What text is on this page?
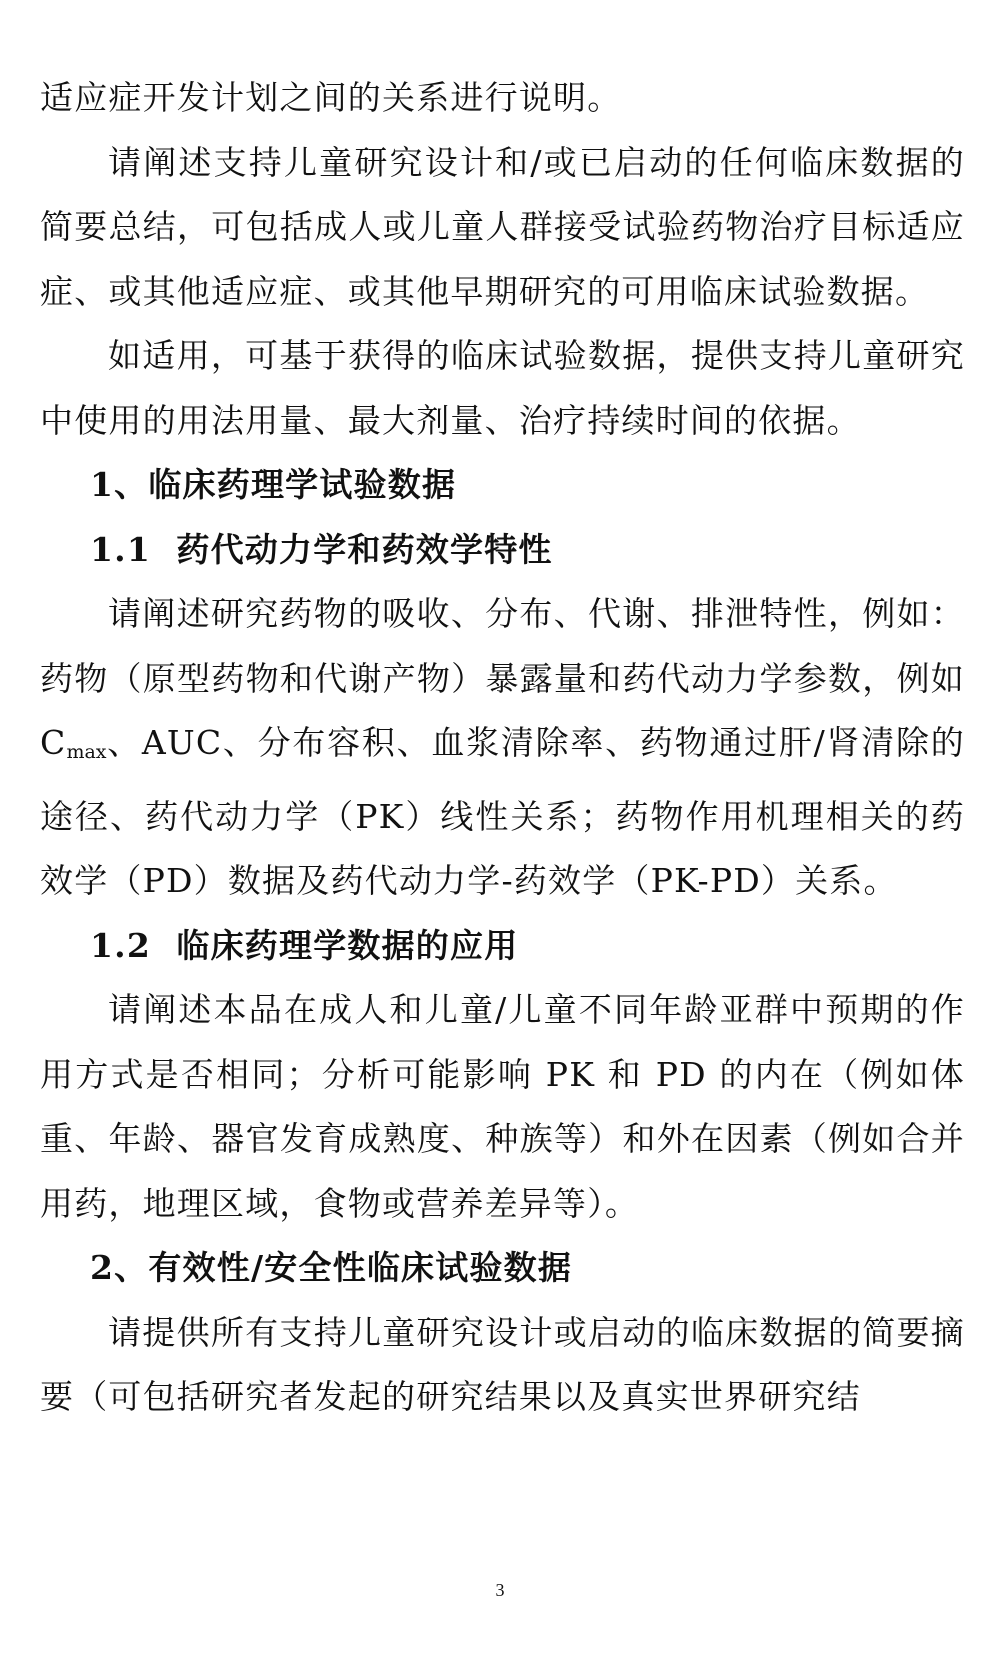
适应症开发计划之间的关系进行说明。

请阐述支持儿童研究设计和/或已启动的任何临床数据的简要总结，可包括成人或儿童人群接受试验药物治疗目标适应症、或其他适应症、或其他早期研究的可用临床试验数据。

如适用，可基于获得的临床试验数据，提供支持儿童研究中使用的用法用量、最大剂量、治疗持续时间的依据。

1、临床药理学试验数据

1.1  药代动力学和药效学特性

请阐述研究药物的吸收、分布、代谢、排泄特性，例如：药物（原型药物和代谢产物）暴露量和药代动力学参数，例如 $C_{max}$、AUC、分布容积、血浆清除率、药物通过肝/肾清除的途径、药代动力学（PK）线性关系；药物作用机理相关的药效学（PD）数据及药代动力学-药效学（PK-PD）关系。

1.2  临床药理学数据的应用

请阐述本品在成人和儿童/儿童不同年龄亚群中预期的作用方式是否相同；分析可能影响 PK 和 PD 的内在（例如体重、年龄、器官发育成熟度、种族等）和外在因素（例如合并用药，地理区域，食物或营养差异等）。

2、有效性/安全性临床试验数据

请提供所有支持儿童研究设计或启动的临床数据的简要摘要（可包括研究者发起的研究结果以及真实世界研究结

3
